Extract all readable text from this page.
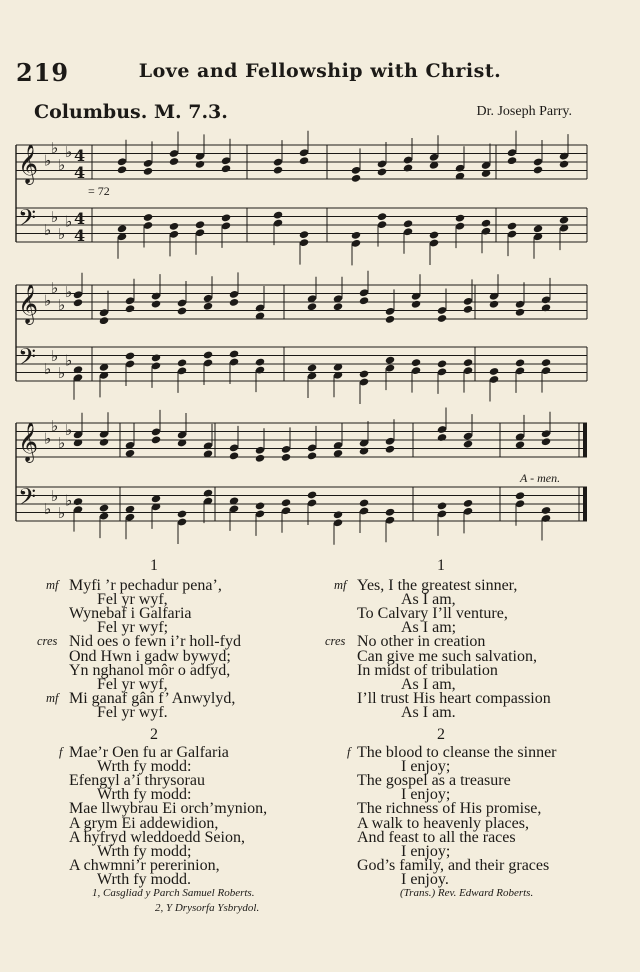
219	Love and Fellowship with Christ.
Columbus. M. 7.3.	Dr. Joseph Parry.
𝄞 ♭
♭
♭
♭ 4
4
𝄢 ♭
♭
♭
♭ 4
4
𝄞 ♭
♭
♭
♭
𝄢 ♭
♭
♭
♭
𝄞 ♭
♭
♭
♭
𝄢 ♭
♭
♭
♭
= 72
A - men.
1
Myfi ’r pechadur pena’,
mf
Fel yr wyf,
Wynebaf i Galfaria
Fel yr wyf;
Nid oes o fewn i’r holl-fyd
cres
Ond Hwn i gadw bywyd;
Yn nghanol môr o adfyd,
Fel yr wyf,
Mi ganaf gân f’ Anwylyd,
mf
Fel yr wyf.
2
Mae’r Oen fu ar Galfaria
f
Wrth fy modd:
Efengyl a’i thrysorau
Wrth fy modd:
Mae llwybrau Ei orch’mynion,
A grym Ei addewidion,
A hyfryd wleddoedd Seion,
Wrth fy modd;
A chwmni’r pererinion,
Wrth fy modd.
1, Casgliad y Parch Samuel Roberts.
2, Y Drysorfa Ysbrydol.
1
Yes, I the greatest sinner,
mf
As I am,
To Calvary I’ll venture,
As I am;
No other in creation
cres
Can give me such salvation,
In midst of tribulation
As I am,
I’ll trust His heart compassion
As I am.
2
The blood to cleanse the sinner
f
I enjoy;
The gospel as a treasure
I enjoy;
The richness of His promise,
A walk to heavenly places,
And feast to all the races
I enjoy;
God’s family, and their graces
I enjoy.
(Trans.) Rev. Edward Roberts.
